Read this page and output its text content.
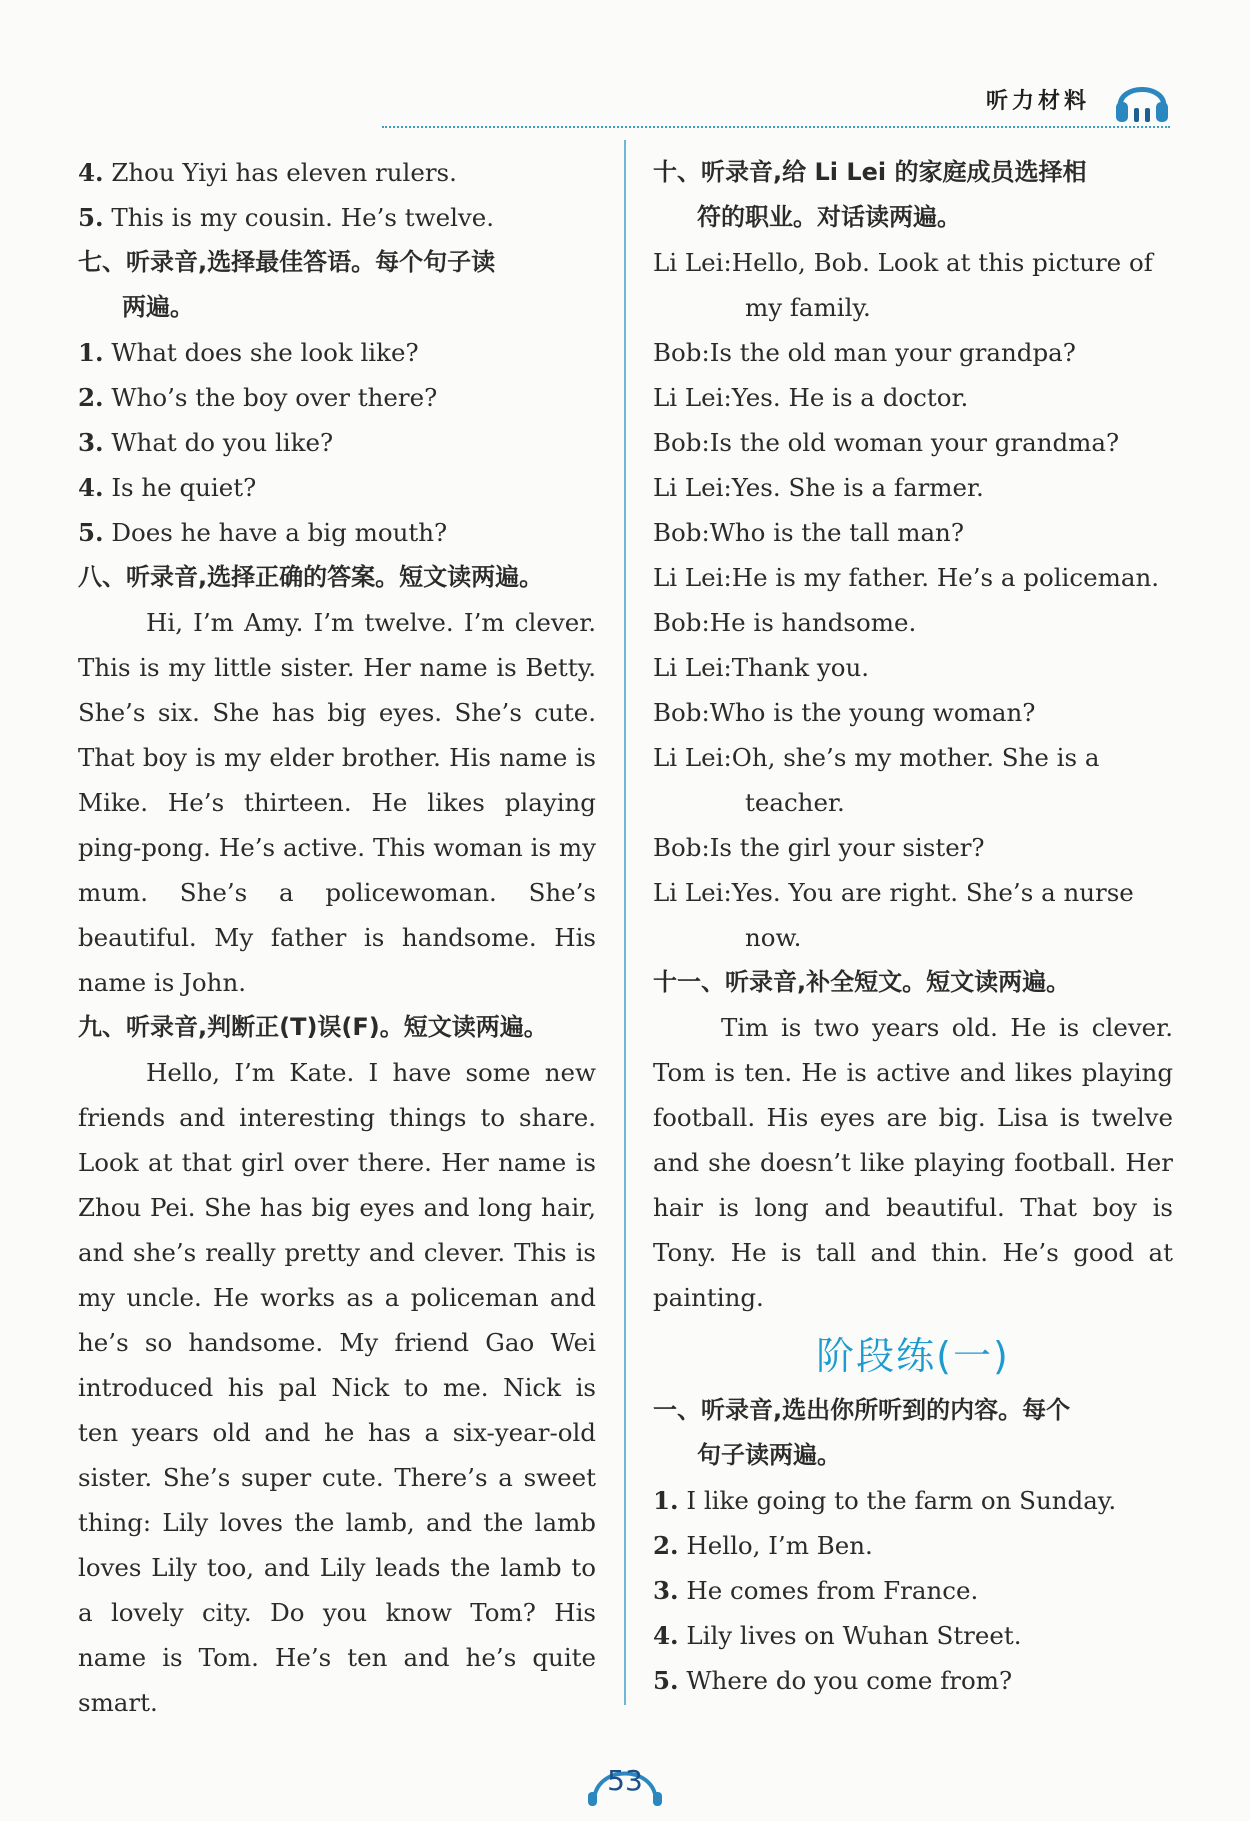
听力材料

4. Zhou Yiyi has eleven rulers.

5. This is my cousin. He’s twelve.

七、听录音,选择最佳答语。每个句子读

两遍。

1. What does she look like?

2. Who’s the boy over there?

3. What do you like?

4. Is he quiet?

5. Does he have a big mouth?

八、听录音,选择正确的答案。短文读两遍。

Hi, I’m Amy. I’m twelve. I’m clever. This is my little sister. Her name is Betty. She’s six. She has big eyes. She’s cute. That boy is my elder brother. His name is Mike. He’s thirteen. He likes playing ping-pong. He’s active. This woman is my mum. She’s a policewoman. She’s beautiful. My father is handsome. His name is John.

九、听录音,判断正(T)误(F)。短文读两遍。

Hello, I’m Kate. I have some new friends and interesting things to share. Look at that girl over there. Her name is Zhou Pei. She has big eyes and long hair, and she’s really pretty and clever. This is my uncle. He works as a policeman and he’s so handsome. My friend Gao Wei introduced his pal Nick to me. Nick is ten years old and he has a six-year-old sister. She’s super cute. There’s a sweet thing: Lily loves the lamb, and the lamb loves Lily too, and Lily leads the lamb to a lovely city. Do you know Tom? His name is Tom. He’s ten and he’s quite smart.

十、听录音,给 Li Lei 的家庭成员选择相

符的职业。对话读两遍。

Li Lei:Hello, Bob. Look at this picture of my family.

Bob:Is the old man your grandpa?

Li Lei:Yes. He is a doctor.

Bob:Is the old woman your grandma?

Li Lei:Yes. She is a farmer.

Bob:Who is the tall man?

Li Lei:He is my father. He’s a policeman.

Bob:He is handsome.

Li Lei:Thank you.

Bob:Who is the young woman?

Li Lei:Oh, she’s my mother. She is a teacher.

Bob:Is the girl your sister?

Li Lei:Yes. You are right. She’s a nurse now.

十一、听录音,补全短文。短文读两遍。

Tim is two years old. He is clever. Tom is ten. He is active and likes playing football. His eyes are big. Lisa is twelve and she doesn’t like playing football. Her hair is long and beautiful. That boy is Tony. He is tall and thin. He’s good at painting.

阶段练(一)

一、听录音,选出你所听到的内容。每个

句子读两遍。

1. I like going to the farm on Sunday.

2. Hello, I’m Ben.

3. He comes from France.

4. Lily lives on Wuhan Street.

5. Where do you come from?

53
